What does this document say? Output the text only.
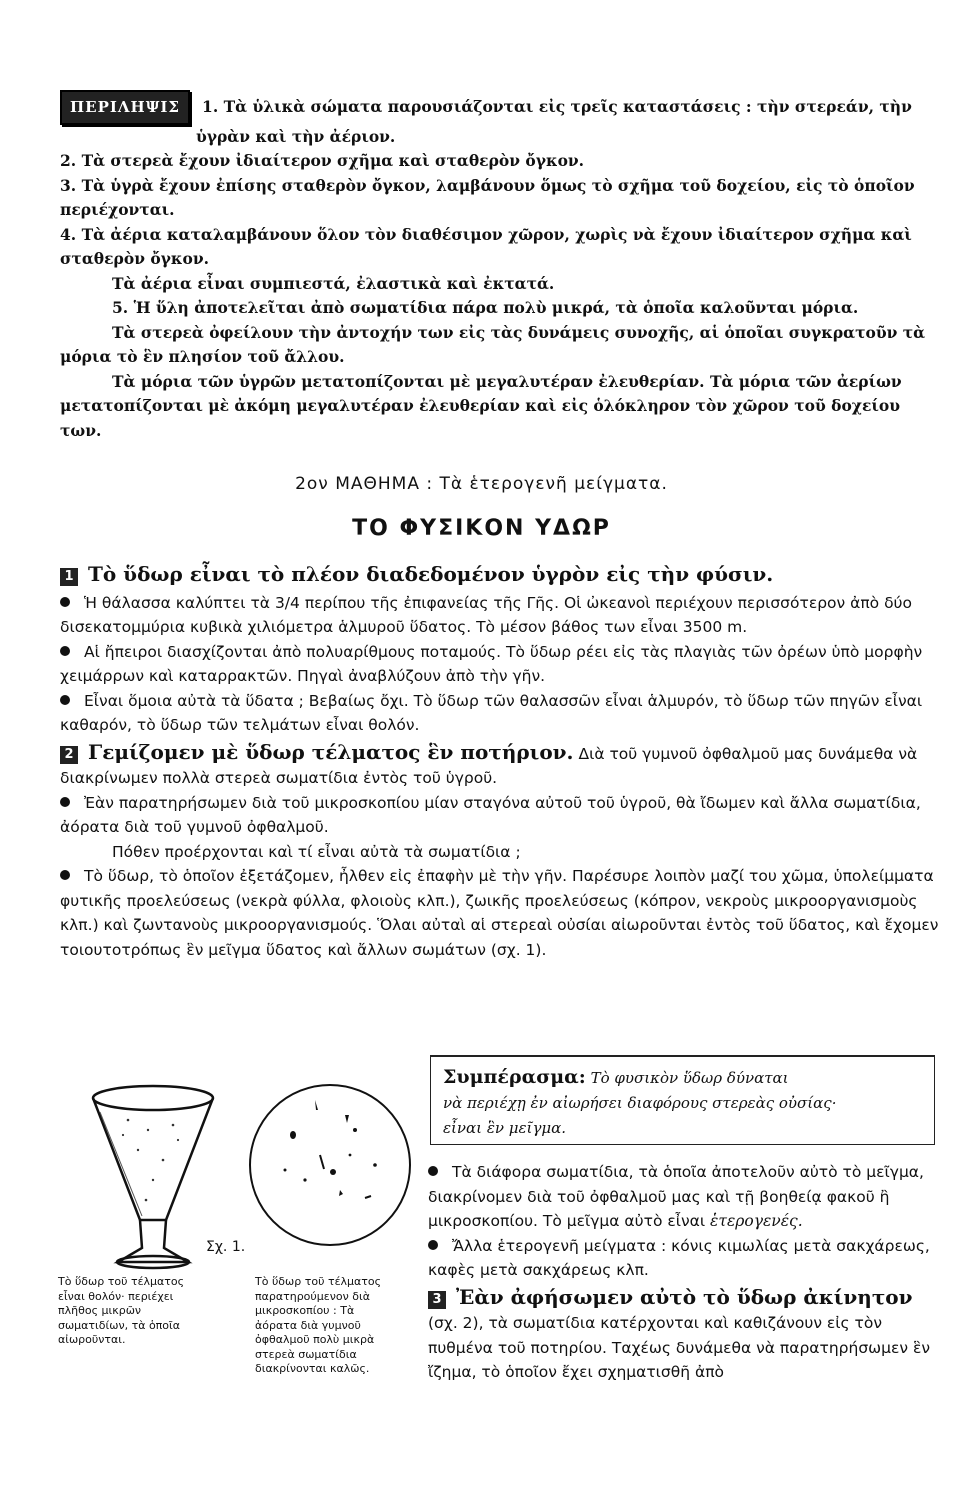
ΠΕΡΙΛΗΨΙΣ 1. Τὰ ὑλικὰ σώματα παρουσιάζονται εἰς τρεῖς καταστάσεις : τὴν στερεάν, τὴν

ὑγρὰν καὶ τὴν ἀέριον.

2. Τὰ στερεὰ ἔχουν ἰδιαίτερον σχῆμα καὶ σταθερὸν ὄγκον.

3. Τὰ ὑγρὰ ἔχουν ἐπίσης σταθερὸν ὄγκον, λαμβάνουν ὅμως τὸ σχῆμα τοῦ δοχείου, εἰς τὸ ὁποῖον περιέχονται.

4. Τὰ ἀέρια καταλαμβάνουν ὅλον τὸν διαθέσιμον χῶρον, χωρὶς νὰ ἔχουν ἰδιαίτερον σχῆμα καὶ σταθερὸν ὄγκον.

Τὰ ἀέρια εἶναι συμπιεστά, ἐλαστικὰ καὶ ἐκτατά.

5. Ἡ ὕλη ἀποτελεῖται ἀπὸ σωματίδια πάρα πολὺ μικρά, τὰ ὁποῖα καλοῦνται μόρια.

Τὰ στερεὰ ὀφείλουν τὴν ἀντοχήν των εἰς τὰς δυνάμεις συνοχῆς, αἱ ὁποῖαι συγκρατοῦν τὰ μόρια τὸ ἓν πλησίον τοῦ ἄλλου.

Τὰ μόρια τῶν ὑγρῶν μετατοπίζονται μὲ μεγαλυτέραν ἐλευθερίαν. Τὰ μόρια τῶν ἀερίων μετατοπίζονται μὲ ἀκόμη μεγαλυτέραν ἐλευθερίαν καὶ εἰς ὁλόκληρον τὸν χῶρον τοῦ δοχείου των.

2ον ΜΑΘΗΜΑ : Τὰ ἑτερογενῆ μείγματα.
ΤΟ ΦΥΣΙΚΟΝ ΥΔΩΡ

1 Τὸ ὕδωρ εἶναι τὸ πλέον διαδεδομένον ὑγρὸν εἰς τὴν φύσιν.

Ἡ θάλασσα καλύπτει τὰ 3/4 περίπου τῆς ἐπιφανείας τῆς Γῆς. Οἱ ὠκεανοὶ περιέχουν περισσότερον ἀπὸ δύο δισεκατομμύρια κυβικὰ χιλιόμετρα ἁλμυροῦ ὕδατος. Τὸ μέσον βάθος των εἶναι 3500 m.

Αἱ ἤπειροι διασχίζονται ἀπὸ πολυαρίθμους ποταμούς. Τὸ ὕδωρ ρέει εἰς τὰς πλαγιὰς τῶν ὀρέων ὑπὸ μορφὴν χειμάρρων καὶ καταρρακτῶν. Πηγαὶ ἀναβλύζουν ἀπὸ τὴν γῆν.

Εἶναι ὅμοια αὐτὰ τὰ ὕδατα ; Βεβαίως ὄχι. Τὸ ὕδωρ τῶν θαλασσῶν εἶναι ἁλμυρόν, τὸ ὕδωρ τῶν πηγῶν εἶναι καθαρόν, τὸ ὕδωρ τῶν τελμάτων εἶναι θολόν.

2 Γεμίζομεν μὲ ὕδωρ τέλματος ἓν ποτήριον. Διὰ τοῦ γυμνοῦ ὀφθαλμοῦ μας δυνάμεθα νὰ διακρίνωμεν πολλὰ στερεὰ σωματίδια ἐντὸς τοῦ ὑγροῦ.

Ἐὰν παρατηρήσωμεν διὰ τοῦ μικροσκοπίου μίαν σταγόνα αὐτοῦ τοῦ ὑγροῦ, θὰ ἴδωμεν καὶ ἄλλα σωματίδια, ἀόρατα διὰ τοῦ γυμνοῦ ὀφθαλμοῦ.

Πόθεν προέρχονται καὶ τί εἶναι αὐτὰ τὰ σωματίδια ;

Τὸ ὕδωρ, τὸ ὁποῖον ἐξετάζομεν, ἦλθεν εἰς ἐπαφὴν μὲ τὴν γῆν. Παρέσυρε λοιπὸν μαζί του χῶμα, ὑπολείμματα φυτικῆς προελεύσεως (νεκρὰ φύλλα, φλοιοὺς κλπ.), ζωικῆς προελεύσεως (κόπρον, νεκροὺς μικροοργανισμοὺς κλπ.) καὶ ζωντανοὺς μικροοργανισμούς. Ὅλαι αὐταὶ αἱ στερεαὶ οὐσίαι αἰωροῦνται ἐντὸς τοῦ ὕδατος, καὶ ἔχομεν τοιουτοτρόπως ἓν μεῖγμα ὕδατος καὶ ἄλλων σωμάτων (σχ. 1).

Συμπέρασμα: Τὸ φυσικὸν ὕδωρ δύναται
νὰ περιέχῃ ἐν αἰωρήσει διαφόρους στερεὰς οὐσίας·
εἶναι ἓν μεῖγμα.
Σχ. 1.
Τὸ ὕδωρ τοῦ τέλματος εἶναι θολόν· περιέχει πλῆθος μικρῶν σωματιδίων, τὰ ὁποῖα αἰωροῦνται.
Τὸ ὕδωρ τοῦ τέλματος παρατηρούμενον διὰ μικροσκοπίου : Τὰ ἀόρατα διὰ γυμνοῦ ὀφθαλμοῦ πολὺ μικρὰ στερεὰ σωματίδια διακρίνονται καλῶς.

Τὰ διάφορα σωματίδια, τὰ ὁποῖα ἀποτελοῦν αὐτὸ τὸ μεῖγμα, διακρίνομεν διὰ τοῦ ὀφθαλμοῦ μας καὶ τῇ βοηθείᾳ φακοῦ ἢ μικροσκοπίου. Τὸ μεῖγμα αὐτὸ εἶναι ἑτερογενές.

Ἄλλα ἑτερογενῆ μείγματα : κόνις κιμωλίας μετὰ σακχάρεως, καφὲς μετὰ σακχάρεως κλπ.

3 Ἐὰν ἀφήσωμεν αὐτὸ τὸ ὕδωρ ἀκίνητον

(σχ. 2), τὰ σωματίδια κατέρχονται καὶ καθιζάνουν εἰς τὸν πυθμένα τοῦ ποτηρίου. Ταχέως δυνάμεθα νὰ παρατηρήσωμεν ἓν ἴζημα, τὸ ὁποῖον ἔχει σχηματισθῆ ἀπὸ
